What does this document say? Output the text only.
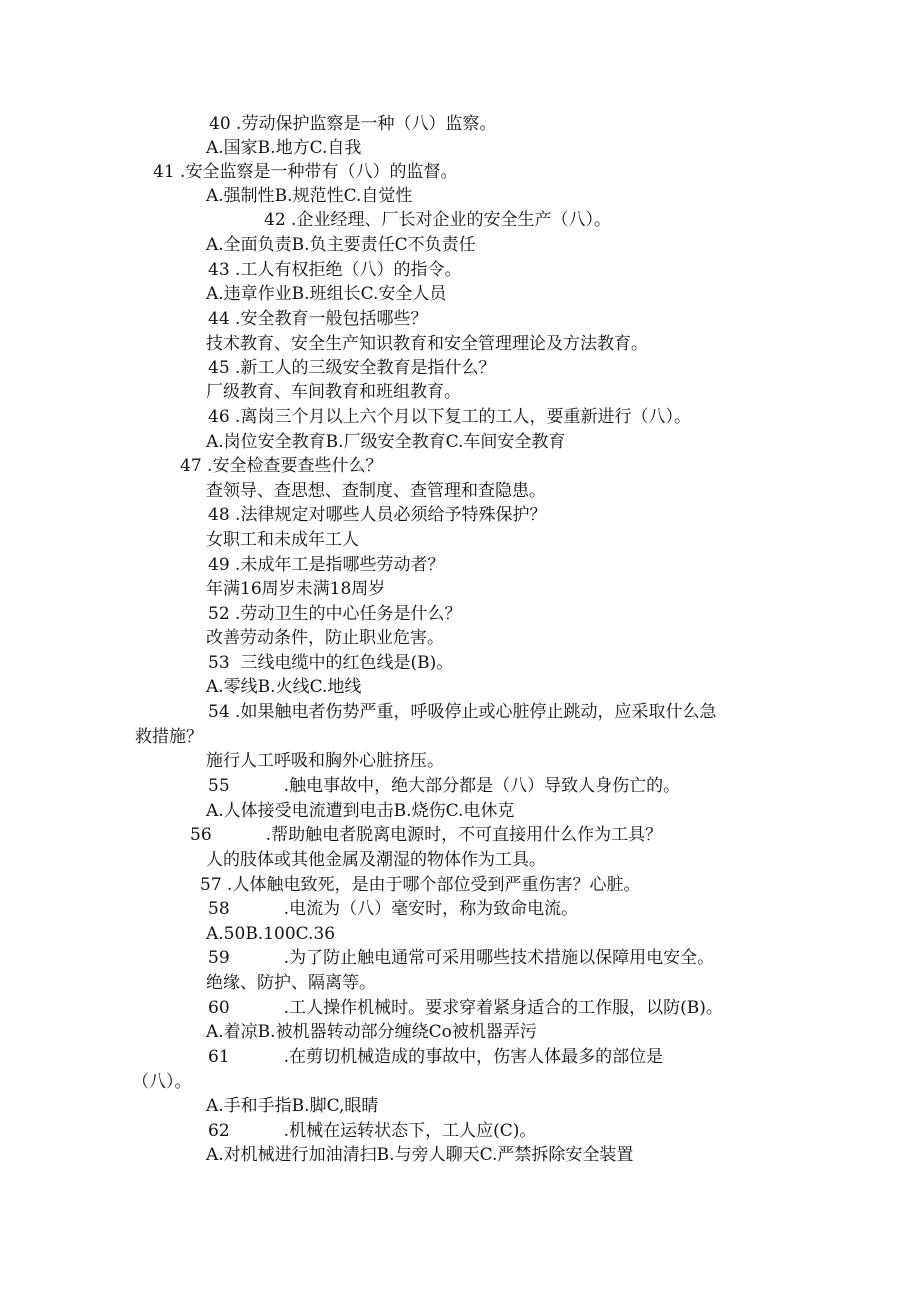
40 .劳动保护监察是一种（八）监察。
A.国家B.地方C.自我
41 .安全监察是一种带有（八）的监督。
A.强制性B.规范性C.自觉性
42 .企业经理、厂长对企业的安全生产（八）。
A.全面负责B.负主要责任C不负责任
43 .工人有权拒绝（八）的指令。
A.违章作业B.班组长C.安全人员
44 .安全教育一般包括哪些？
技术教育、安全生产知识教育和安全管理理论及方法教育。
45 .新工人的三级安全教育是指什么？
厂级教育、车间教育和班组教育。
46 .离岗三个月以上六个月以下复工的工人，要重新进行（八）。
A.岗位安全教育B.厂级安全教育C.车间安全教育
47 .安全检查要查些什么？
查领导、查思想、查制度、查管理和查隐患。
48 .法律规定对哪些人员必须给予特殊保护？
女职工和未成年工人
49 .未成年工是指哪些劳动者？
年满16周岁未满18周岁
52 .劳动卫生的中心任务是什么？
改善劳动条件，防止职业危害。
53  三线电缆中的红色线是(B)。
A.零线B.火线C.地线
54 .如果触电者伤势严重，呼吸停止或心脏停止跳动，应采取什么急
救措施？
施行人工呼吸和胸外心脏挤压。
55          .触电事故中，绝大部分都是（八）导致人身伤亡的。
A.人体接受电流遭到电击B.烧伤C.电休克
56          .帮助触电者脱离电源时，不可直接用什么作为工具？
人的肢体或其他金属及潮湿的物体作为工具。
57 .人体触电致死，是由于哪个部位受到严重伤害？心脏。
58          .电流为（八）毫安时，称为致命电流。
A.50B.100C.36
59          .为了防止触电通常可采用哪些技术措施以保障用电安全。
绝缘、防护、隔离等。
60          .工人操作机械时。要求穿着紧身适合的工作服，以防(B)。
A.着凉B.被机器转动部分缠绕Co被机器弄污
61          .在剪切机械造成的事故中，伤害人体最多的部位是
（八）。
A.手和手指B.脚C,眼睛
62          .机械在运转状态下，工人应(C)。
A.对机械进行加油清扫B.与旁人聊天C.严禁拆除安全装置
